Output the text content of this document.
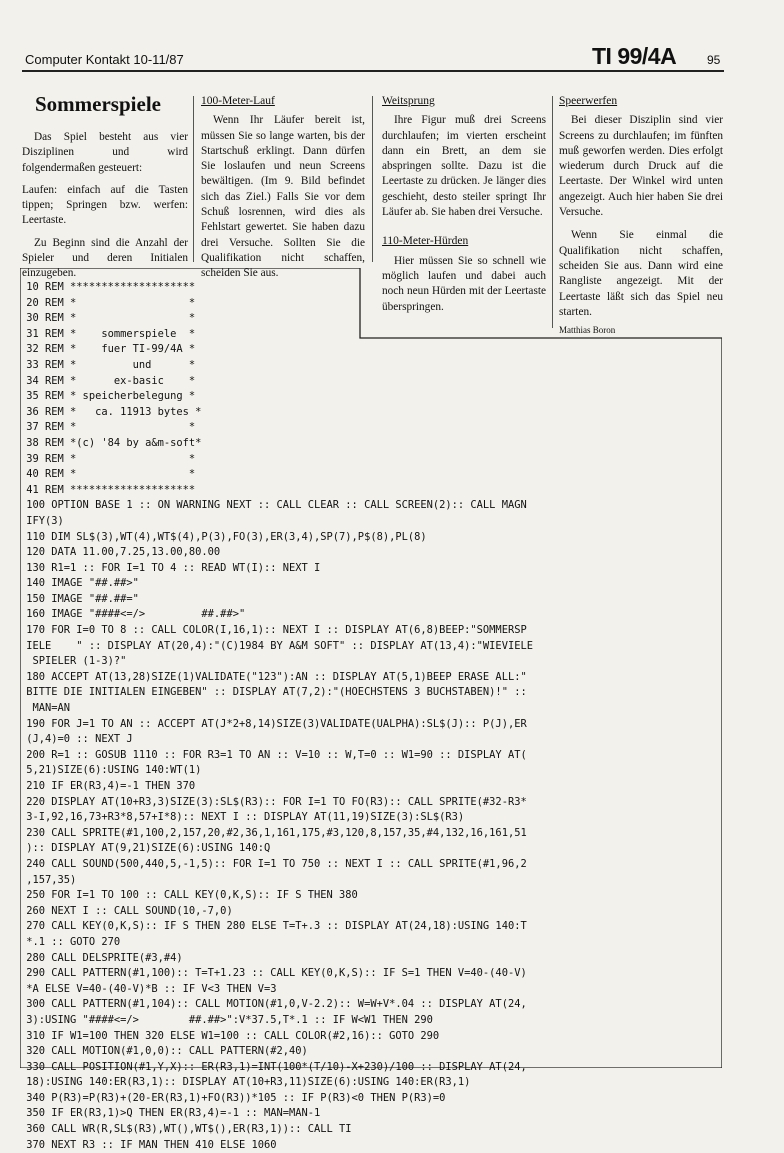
Computer Kontakt 10-11/87	TI 99/4A	95
Sommerspiele

Das Spiel besteht aus vier Disziplinen und wird folgendermaßen gesteuert:

Laufen: einfach auf die Tasten tippen; Springen bzw. werfen: Leertaste.

Zu Beginn sind die Anzahl der Spieler und deren Initialen einzugeben.

100-Meter-Lauf

Wenn Ihr Läufer bereit ist, müssen Sie so lange warten, bis der Startschuß erklingt. Dann dürfen Sie loslaufen und neun Screens bewältigen. (Im 9. Bild befindet sich das Ziel.) Falls Sie vor dem Schuß losrennen, wird dies als Fehlstart gewertet. Sie haben dazu drei Versuche. Sollten Sie die Qualifikation nicht schaffen, scheiden Sie aus.

Weitsprung

Ihre Figur muß drei Screens durchlaufen; im vierten erscheint dann ein Brett, an dem sie abspringen sollte. Dazu ist die Leertaste zu drücken. Je länger dies geschieht, desto steiler springt Ihr Läufer ab. Sie haben drei Versuche.

110-Meter-Hürden

Hier müssen Sie so schnell wie möglich laufen und dabei auch noch neun Hürden mit der Leertaste überspringen.

Speerwerfen

Bei dieser Disziplin sind vier Screens zu durchlaufen; im fünften muß geworfen werden. Dies erfolgt wiederum durch Druck auf die Leertaste. Der Winkel wird unten angezeigt. Auch hier haben Sie drei Versuche.

Wenn Sie einmal die Qualifikation nicht schaffen, scheiden Sie aus. Dann wird eine Rangliste angezeigt. Mit der Leertaste läßt sich das Spiel neu starten.

Matthias Boron
10 REM ********************
20 REM *                  *
30 REM *                  *
31 REM *    sommerspiele  *
32 REM *    fuer TI-99/4A *
33 REM *         und      *
34 REM *      ex-basic    *
35 REM * speicherbelegung *
36 REM *   ca. 11913 bytes *
37 REM *                  *
38 REM *(c) '84 by a&m-soft*
39 REM *                  *
40 REM *                  *
41 REM ********************
100 OPTION BASE 1 :: ON WARNING NEXT :: CALL CLEAR :: CALL SCREEN(2):: CALL MAGN
IFY(3)
110 DIM SL$(3),WT(4),WT$(4),P(3),FO(3),ER(3,4),SP(7),P$(8),PL(8)
120 DATA 11.00,7.25,13.00,80.00
130 R1=1 :: FOR I=1 TO 4 :: READ WT(I):: NEXT I
140 IMAGE "##.##>"
150 IMAGE "##.##="
160 IMAGE "####<=/>         ##.##>"
170 FOR I=0 TO 8 :: CALL COLOR(I,16,1):: NEXT I :: DISPLAY AT(6,8)BEEP:"SOMMERSP
IELE    " :: DISPLAY AT(20,4):"(C)1984 BY A&M SOFT" :: DISPLAY AT(13,4):"WIEVIELE
SPIELER (1-3)?"
180 ACCEPT AT(13,28)SIZE(1)VALIDATE("123"):AN :: DISPLAY AT(5,1)BEEP ERASE ALL:"
BITTE DIE INITIALEN EINGEBEN" :: DISPLAY AT(7,2):"(HOECHSTENS 3 BUCHSTABEN)!" ::
MAN=AN
190 FOR J=1 TO AN :: ACCEPT AT(J*2+8,14)SIZE(3)VALIDATE(UALPHA):SL$(J):: P(J),ER
(J,4)=0 :: NEXT J
200 R=1 :: GOSUB 1110 :: FOR R3=1 TO AN :: V=10 :: W,T=0 :: W1=90 :: DISPLAY AT(
5,21)SIZE(6):USING 140:WT(1)
210 IF ER(R3,4)=-1 THEN 370
220 DISPLAY AT(10+R3,3)SIZE(3):SL$(R3):: FOR I=1 TO FO(R3):: CALL SPRITE(#32-R3*
3-I,92,16,73+R3*8,57+I*8):: NEXT I :: DISPLAY AT(11,19)SIZE(3):SL$(R3)
230 CALL SPRITE(#1,100,2,157,20,#2,36,1,161,175,#3,120,8,157,35,#4,132,16,161,51
):: DISPLAY AT(9,21)SIZE(6):USING 140:Q
240 CALL SOUND(500,440,5,-1,5):: FOR I=1 TO 750 :: NEXT I :: CALL SPRITE(#1,96,2
,157,35)
250 FOR I=1 TO 100 :: CALL KEY(0,K,S):: IF S THEN 380
260 NEXT I :: CALL SOUND(10,-7,0)
270 CALL KEY(0,K,S):: IF S THEN 280 ELSE T=T+.3 :: DISPLAY AT(24,18):USING 140:T
*.1 :: GOTO 270
280 CALL DELSPRITE(#3,#4)
290 CALL PATTERN(#1,100):: T=T+1.23 :: CALL KEY(0,K,S):: IF S=1 THEN V=40-(40-V)
*A ELSE V=40-(40-V)*B :: IF V<3 THEN V=3
300 CALL PATTERN(#1,104):: CALL MOTION(#1,0,V-2.2):: W=W+V*.04 :: DISPLAY AT(24,
3):USING "####<=/>        ##.##>":V*37.5,T*.1 :: IF W<W1 THEN 290
310 IF W1=100 THEN 320 ELSE W1=100 :: CALL COLOR(#2,16):: GOTO 290
320 CALL MOTION(#1,0,0):: CALL PATTERN(#2,40)
330 CALL POSITION(#1,Y,X):: ER(R3,1)=INT(100*(T/10)-X+230)/100 :: DISPLAY AT(24,
18):USING 140:ER(R3,1):: DISPLAY AT(10+R3,11)SIZE(6):USING 140:ER(R3,1)
340 P(R3)=P(R3)+(20-ER(R3,1)+FO(R3))*105 :: IF P(R3)<0 THEN P(R3)=0
350 IF ER(R3,1)>Q THEN ER(R3,4)=-1 :: MAN=MAN-1
360 CALL WR(R,SL$(R3),WT(),WT$(),ER(R3,1)):: CALL TI
370 NEXT R3 :: IF MAN THEN 410 ELSE 1060
